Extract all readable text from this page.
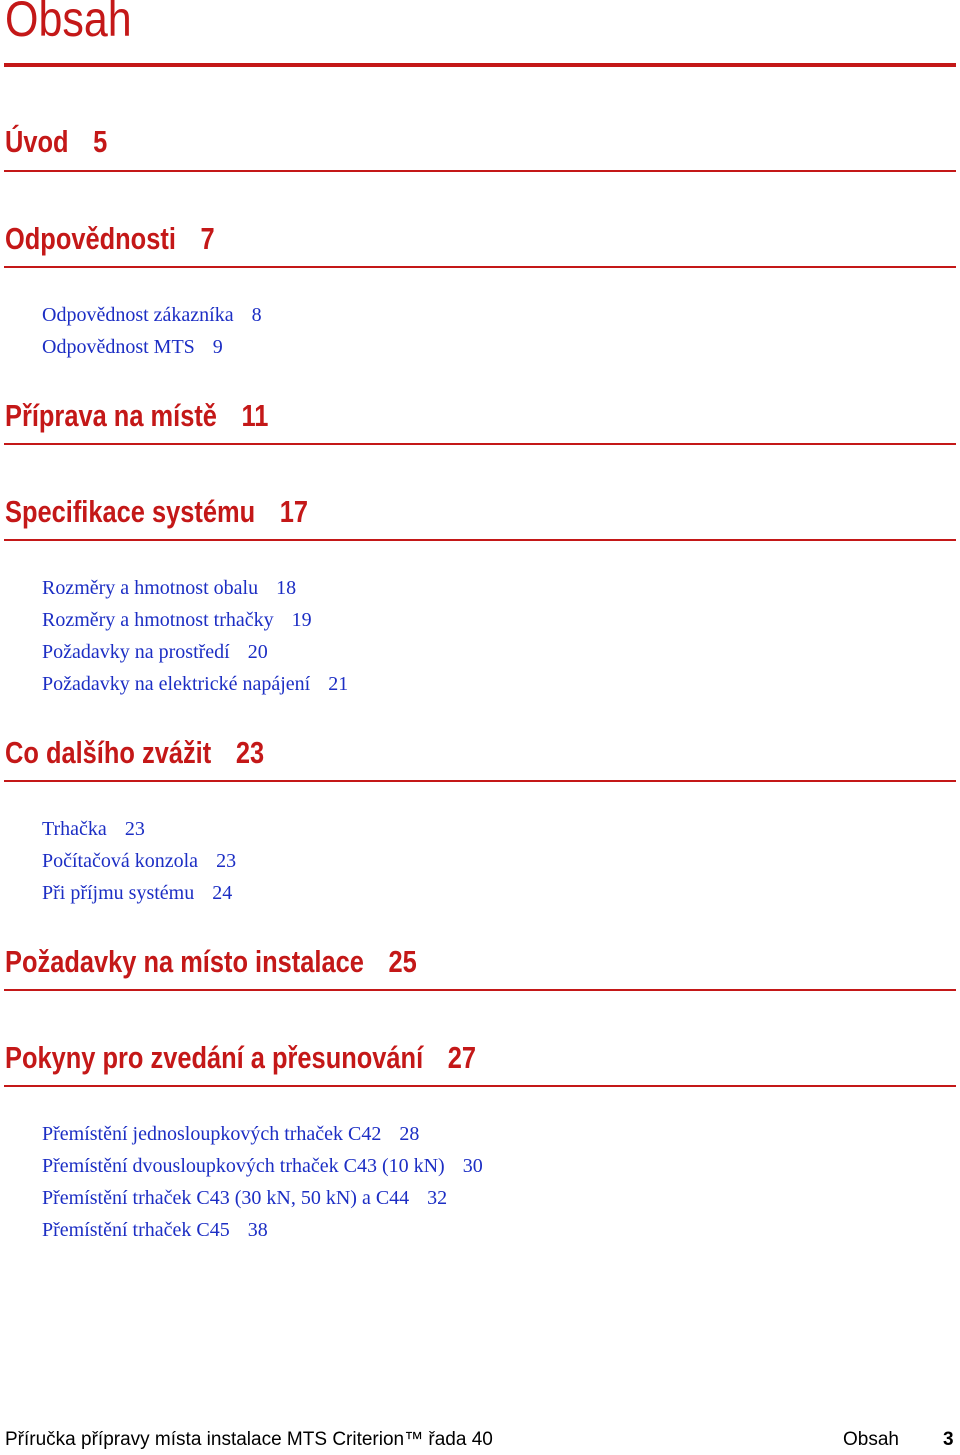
Obsah
Úvod 5
Odpovědnosti 7
Odpovědnost zákazníka 8
Odpovědnost MTS 9
Příprava na místě 11
Specifikace systému 17
Rozměry a hmotnost obalu 18
Rozměry a hmotnost trhačky 19
Požadavky na prostředí 20
Požadavky na elektrické napájení 21
Co dalšího zvážit 23
Trhačka 23
Počítačová konzola 23
Při příjmu systému 24
Požadavky na místo instalace 25
Pokyny pro zvedání a přesunování 27
Přemístění jednosloupkových trhaček C42 28
Přemístění dvousloupkových trhaček C43 (10 kN) 30
Přemístění trhaček C43 (30 kN, 50 kN) a C44 32
Přemístění trhaček C45 38
Příručka přípravy místa instalace MTS Criterion™ řada 40	Obsah 3
